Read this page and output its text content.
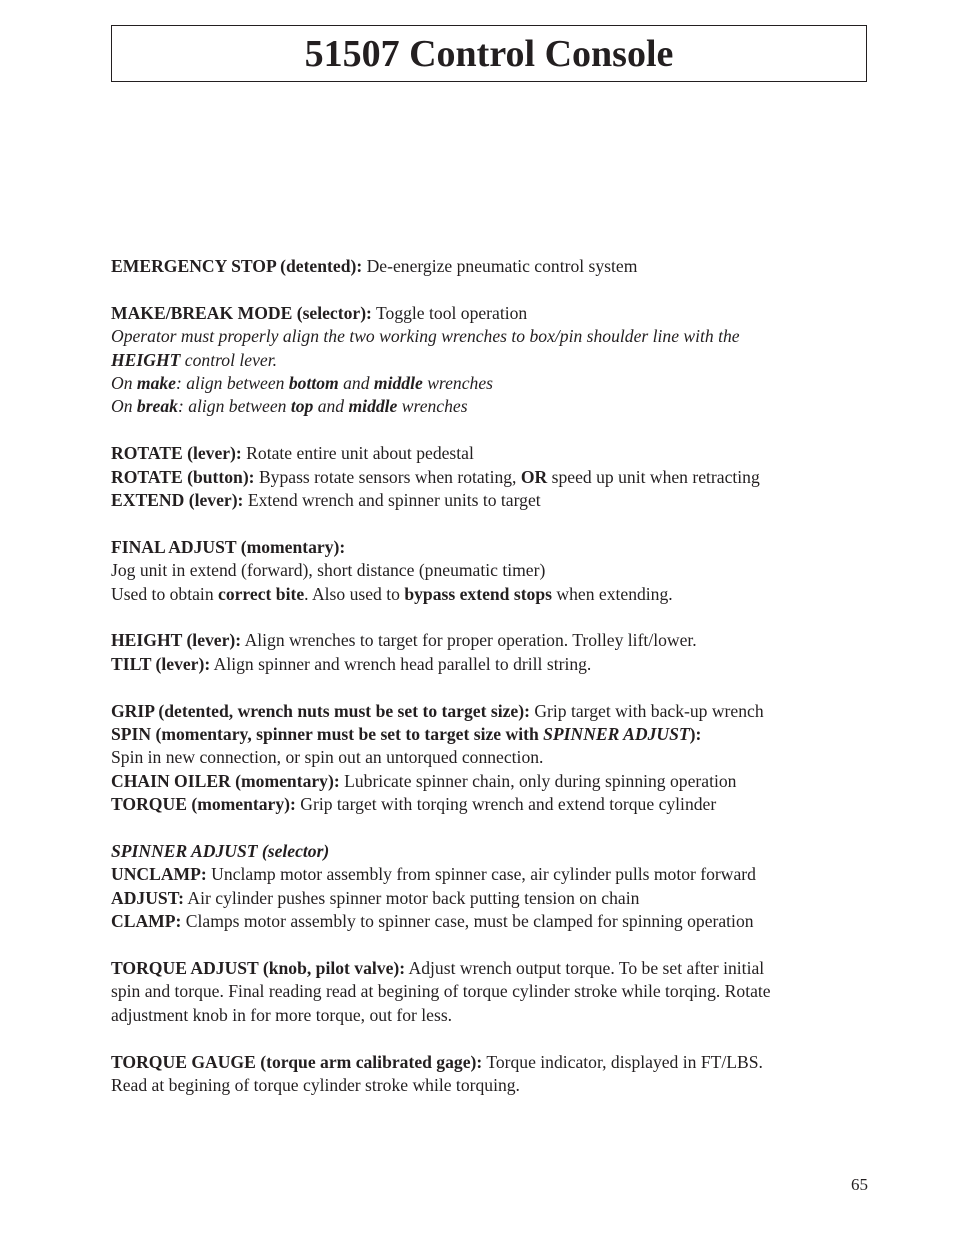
51507 Control Console

EMERGENCY STOP (detented): De-energize pneumatic control system

MAKE/BREAK MODE (selector): Toggle tool operation

Operator must properly align the two working wrenches to box/pin shoulder line with the

HEIGHT control lever.

On make: align between bottom and middle wrenches

On break: align between top and middle wrenches

ROTATE (lever): Rotate entire unit about pedestal

ROTATE (button): Bypass rotate sensors when rotating, OR speed up unit when retracting

EXTEND (lever): Extend wrench and spinner units to target

FINAL ADJUST (momentary):

Jog unit in extend (forward), short distance (pneumatic timer)

Used to obtain correct bite. Also used to bypass extend stops when extending.

HEIGHT (lever): Align wrenches to target for proper operation. Trolley lift/lower.

TILT (lever): Align spinner and wrench head parallel to drill string.

GRIP (detented, wrench nuts must be set to target size): Grip target with back-up wrench

SPIN (momentary, spinner must be set to target size with SPINNER ADJUST):

Spin in new connection, or spin out an untorqued connection.

CHAIN OILER (momentary): Lubricate spinner chain, only during spinning operation

TORQUE (momentary): Grip target with torqing wrench and extend torque cylinder

SPINNER ADJUST (selector)

UNCLAMP: Unclamp motor assembly from spinner case, air cylinder pulls motor forward

ADJUST: Air cylinder pushes spinner motor back putting tension on chain

CLAMP: Clamps motor assembly to spinner case, must be clamped for spinning operation

TORQUE ADJUST (knob, pilot valve): Adjust wrench output torque. To be set after initial

spin and torque. Final reading read at begining of torque cylinder stroke while torqing. Rotate

adjustment knob in for more torque, out for less.

TORQUE GAUGE (torque arm calibrated gage): Torque indicator, displayed in FT/LBS.

Read at begining of torque cylinder stroke while torquing.

65
